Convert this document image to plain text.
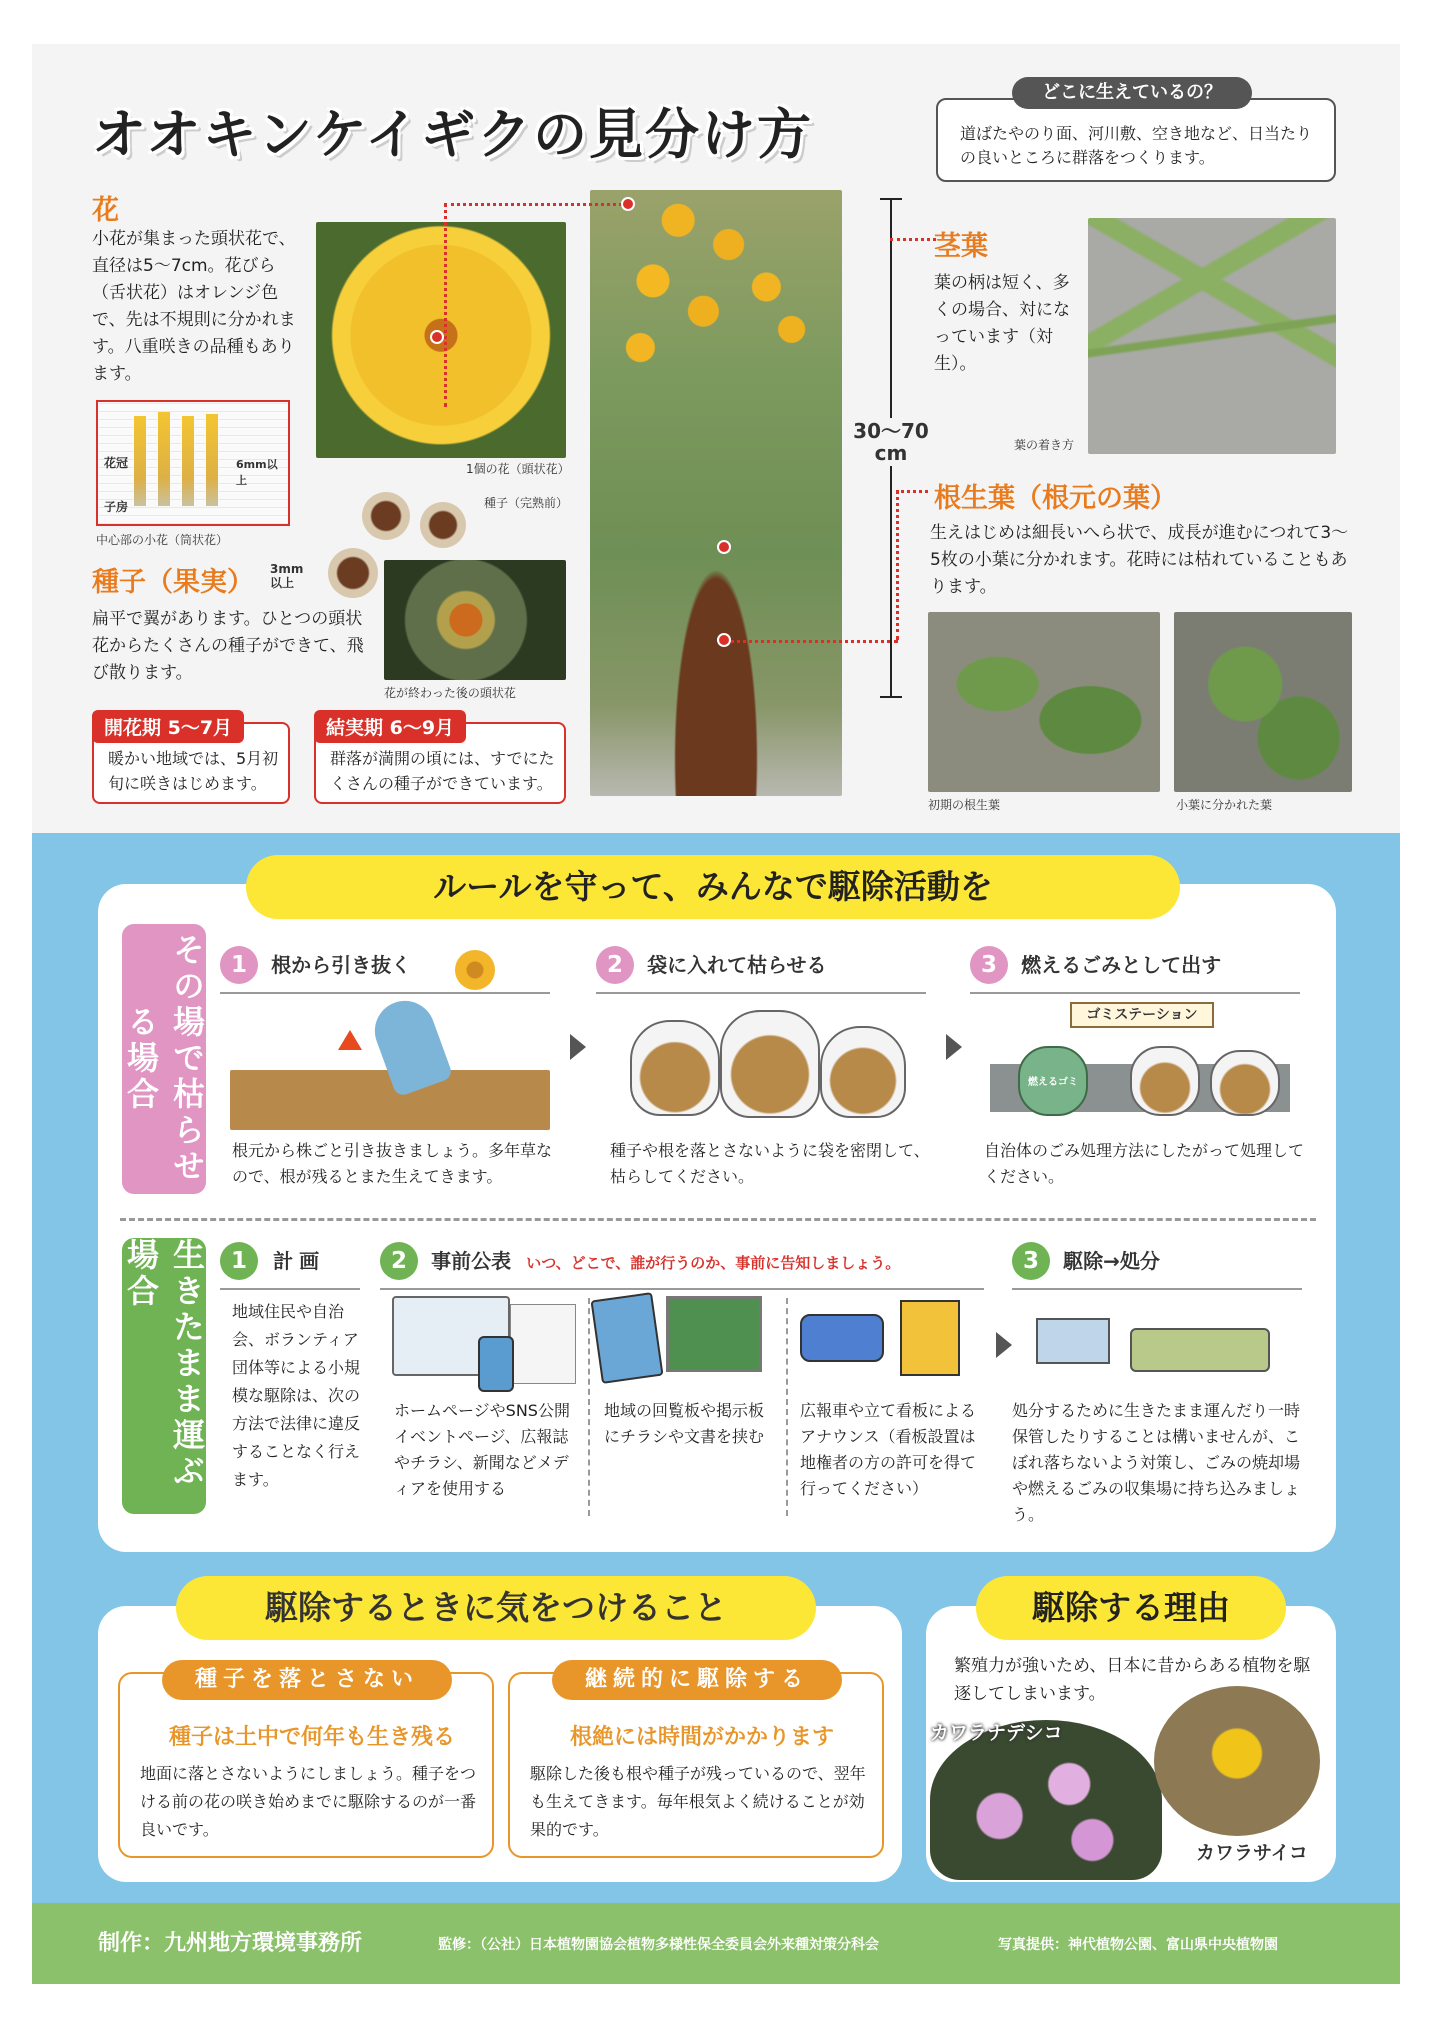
オオキンケイギクの見分け方	道ばたやのり面、河川敷、空き地など、日当たりの良いところに群落をつくります。
どこに生えているの？
花
小花が集まった頭状花で、直径は5～7cm。花びら（舌状花）はオレンジ色で、先は不規則に分かれます。八重咲きの品種もあります。
1個の花（頭状花）
花冠
子房
6mm以上
中心部の小花（筒状花）
種子（果実） 3mm以上
扁平で翼があります。ひとつの頭状花からたくさんの種子ができて、飛び散ります。
種子（完熟前）
花が終わった後の頭状花
暖かい地域では、5月初旬に咲きはじめます。
開花期 5～7月
群落が満開の頃には、すでにたくさんの種子ができています。
結実期 6～9月
30～70
cm
茎葉
葉の柄は短く、多くの場合、対になっています（対生）。
葉の着き方
根生葉（根元の葉）
生えはじめは細長いへら状で、成長が進むにつれて3～5枚の小葉に分かれます。花時には枯れていることもあります。
初期の根生葉	小葉に分かれた葉
ルールを守って、みんなで駆除活動を
その場で枯らせる場合
1 根から引き抜く
根元から株ごと引き抜きましょう。多年草なので、根が残るとまた生えてきます。
2 袋に入れて枯らせる
種子や根を落とさないように袋を密閉して、枯らしてください。
3 燃えるごみとして出す
ゴミステーション
燃えるゴミ
自治体のごみ処理方法にしたがって処理してください。
生きたまま運ぶ場合	1 計画
地域住民や自治会、ボランティア団体等による小規模な駆除は、次の方法で法律に違反することなく行えます。
2 事前公表 いつ、どこで、誰が行うのか、事前に告知しましょう。
ホームページやSNS公開イベントページ、広報誌やチラシ、新聞などメディアを使用する
地域の回覧板や掲示板にチラシや文書を挟む
広報車や立て看板によるアナウンス（看板設置は地権者の方の許可を得て行ってください）
3 駆除→処分
処分するために生きたまま運んだり一時保管したりすることは構いませんが、こぼれ落ちないよう対策し、ごみの焼却場や燃えるごみの収集場に持ち込みましょう。
駆除するときに気をつけること
種子は土中で何年も生き残る
地面に落とさないようにしましょう。種子をつける前の花の咲き始めまでに駆除するのが一番良いです。
種子を落とさない
根絶には時間がかかります
駆除した後も根や種子が残っているので、翌年も生えてきます。毎年根気よく続けることが効果的です。
継続的に駆除する
駆除する理由
繁殖力が強いため、日本に昔からある植物を駆逐してしまいます。
カワラナデシコ
カワラサイコ
制作：九州地方環境事務所	監修：（公社）日本植物園協会植物多様性保全委員会外来種対策分科会	写真提供：神代植物公園、富山県中央植物園
